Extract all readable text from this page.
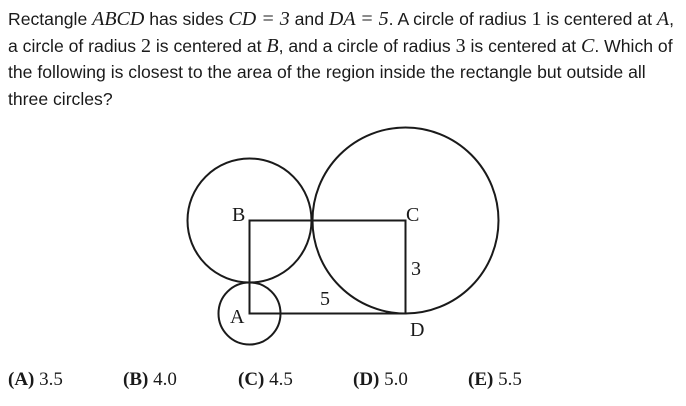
Rectangle ABCD has sides CD = 3 and DA = 5. A circle of radius 1 is centered at A, a circle of radius 2 is centered at B, and a circle of radius 3 is centered at C. Which of the following is closest to the area of the region inside the rectangle but outside all three circles?
B	C
A
D
5
3
(A) 3.5	(B) 4.0	(C) 4.5	(D) 5.0	(E) 5.5
